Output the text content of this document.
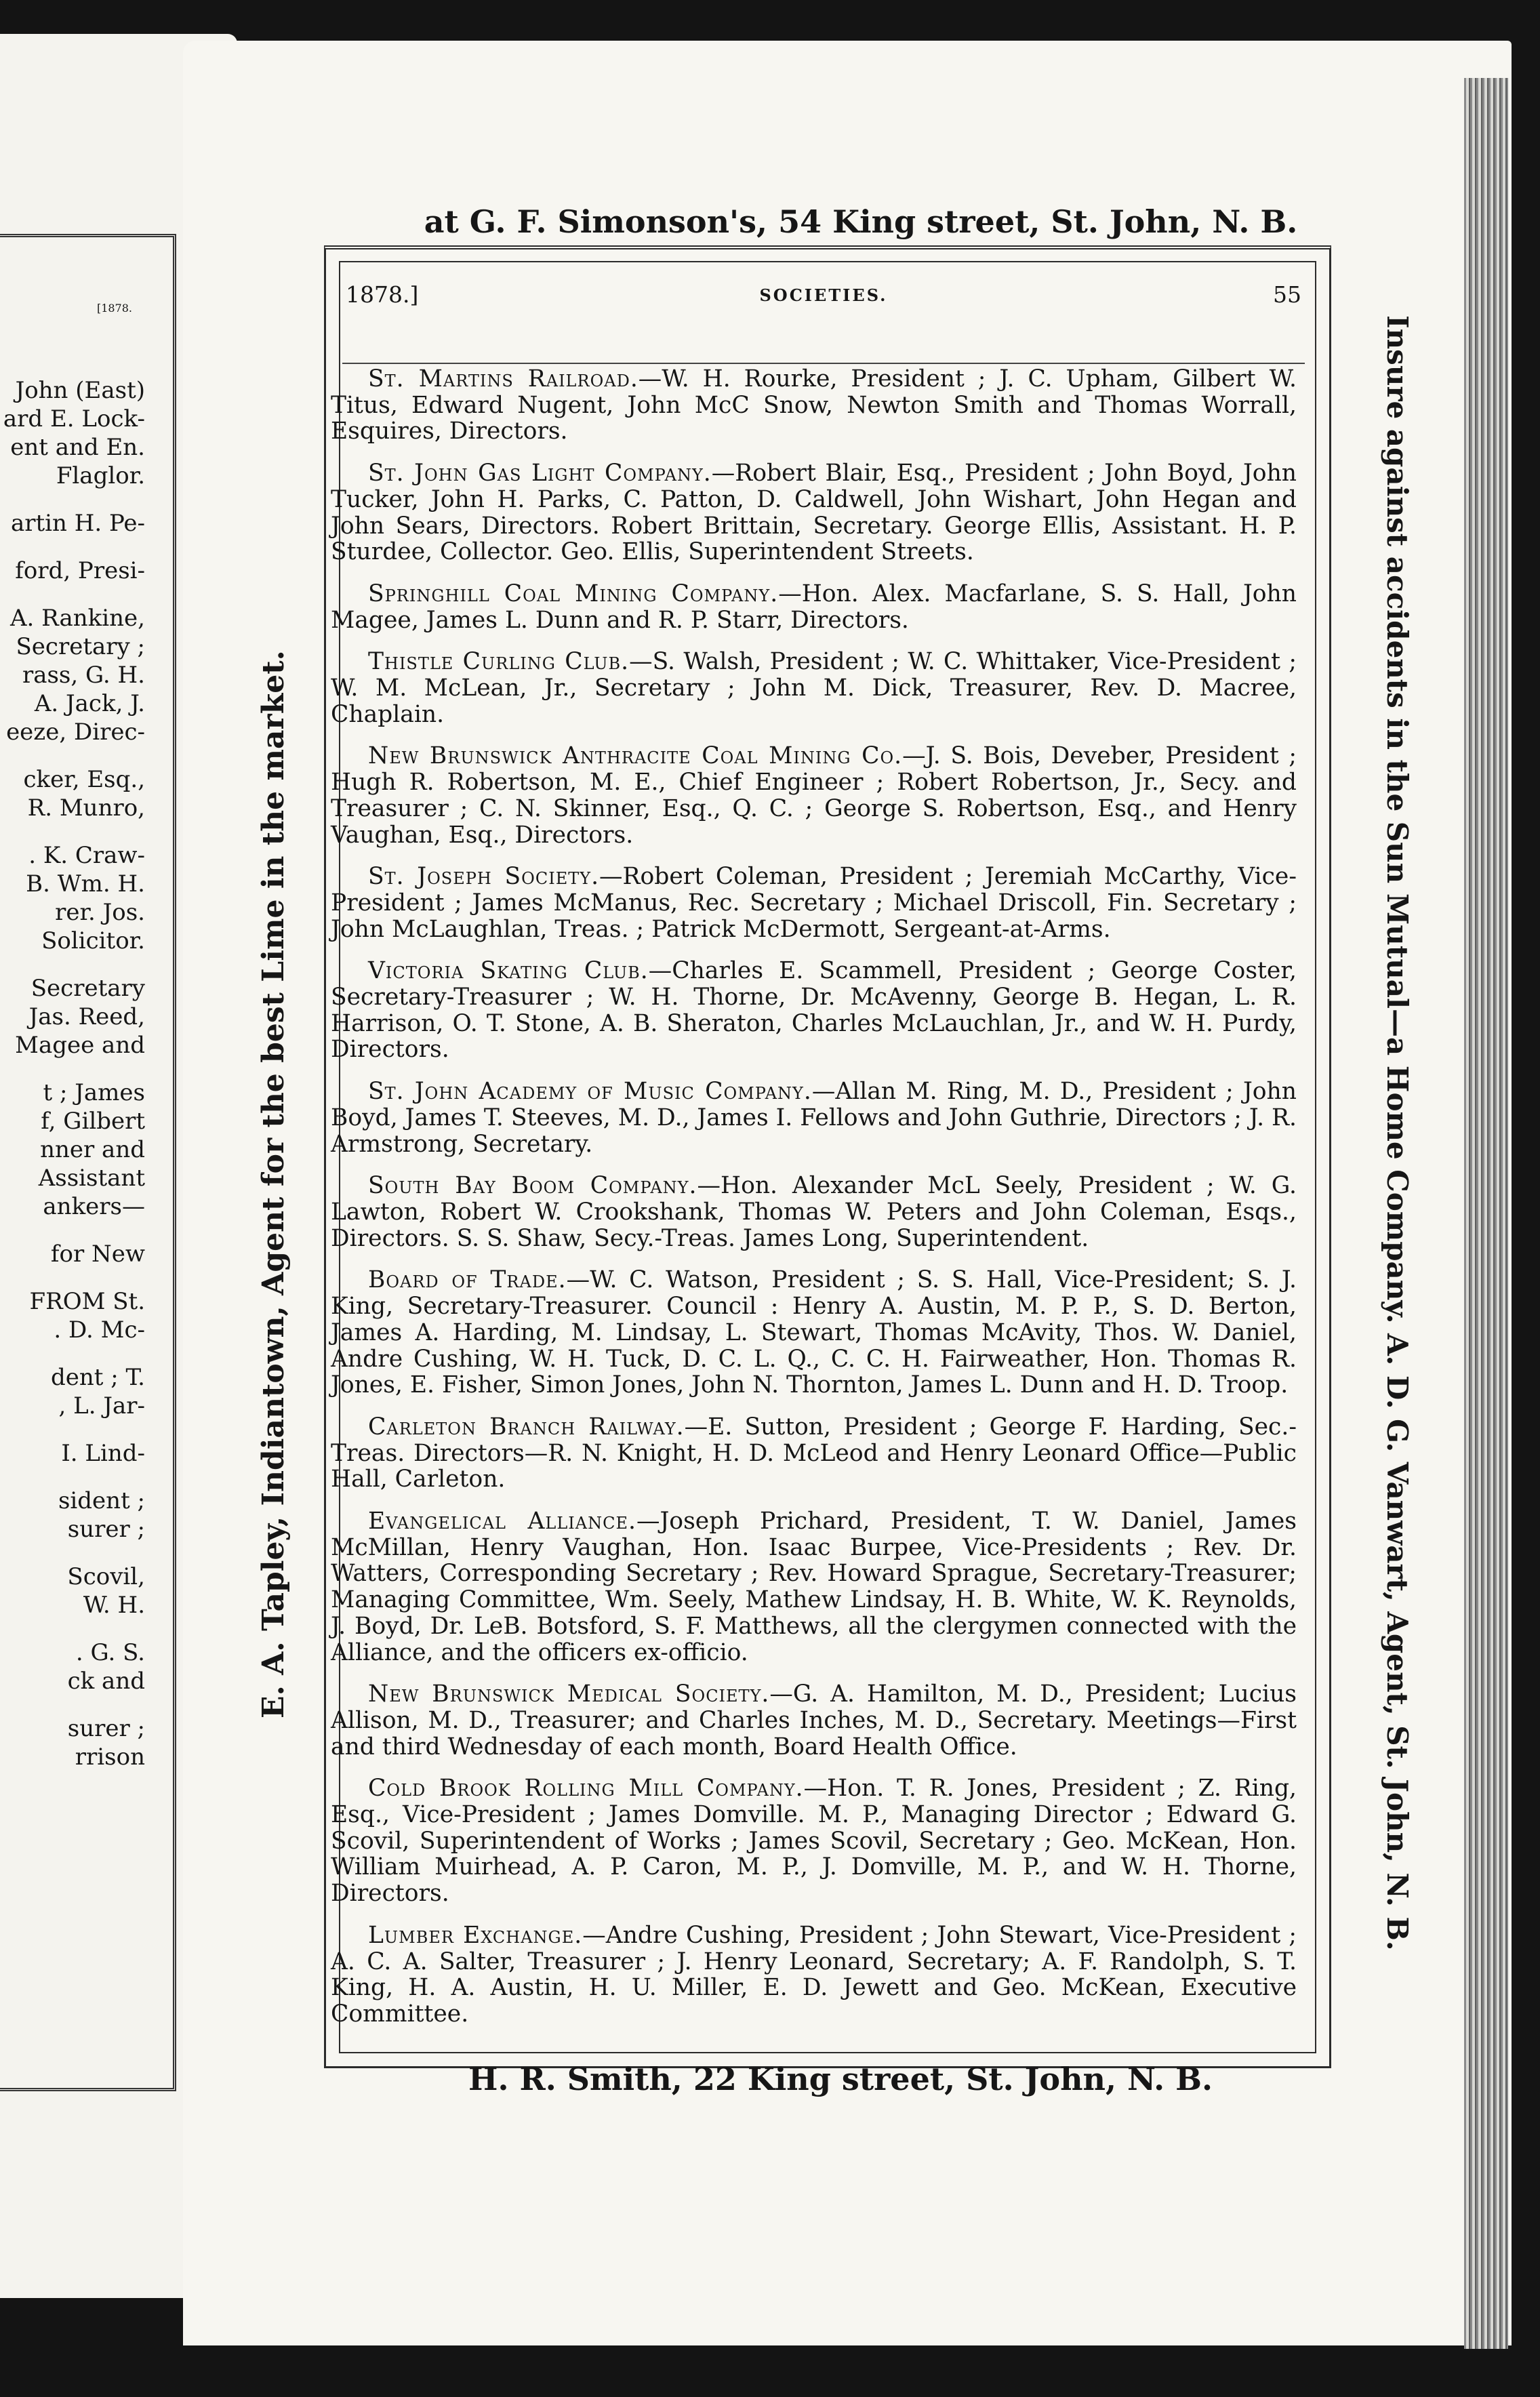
[1878.
John (East)
ard E. Lock-
ent and En.
Flaglor.
artin H. Pe-
ford, Presi-
A. Rankine,
Secretary ;
rass, G. H.
A. Jack, J.
eeze, Direc-
cker, Esq.,
R. Munro,
. K. Craw-
B. Wm. H.
rer. Jos.
Solicitor.
Secretary
Jas. Reed,
Magee and
t ; James
f, Gilbert
nner and
Assistant
ankers—
for New
FROM St.
. D. Mc-
dent ; T.
, L. Jar-
I. Lind-
sident ;
surer ;
Scovil,
W. H.
. G. S.
ck and
surer ;
rrison
at G. F. Simonson's, 54 King street, St. John, N. B.
E. A. Tapley, Indiantown, Agent for the best Lime in the market.	Insure against accidents in the Sun Mutual—a Home Company. A. D. G. Vanwart, Agent, St. John, N. B.
1878.]	SOCIETIES.	55
St. Martins Railroad.—W. H. Rourke, President ; J. C. Upham, Gilbert W. Titus, Edward Nugent, John McC Snow, Newton Smith and Thomas Worrall, Esquires, Directors.
St. John Gas Light Company.—Robert Blair, Esq., President ; John Boyd, John Tucker, John H. Parks, C. Patton, D. Caldwell, John Wishart, John Hegan and John Sears, Directors. Robert Brittain, Secretary. George Ellis, Assistant. H. P. Sturdee, Collector. Geo. Ellis, Superintendent Streets.
Springhill Coal Mining Company.—Hon. Alex. Macfarlane, S. S. Hall, John Magee, James L. Dunn and R. P. Starr, Directors.
Thistle Curling Club.—S. Walsh, President ; W. C. Whittaker, Vice-President ; W. M. McLean, Jr., Secretary ; John M. Dick, Treasurer, Rev. D. Macree, Chaplain.
New Brunswick Anthracite Coal Mining Co.—J. S. Bois, Deveber, President ; Hugh R. Robertson, M. E., Chief Engineer ; Robert Robertson, Jr., Secy. and Treasurer ; C. N. Skinner, Esq., Q. C. ; George S. Robertson, Esq., and Henry Vaughan, Esq., Directors.
St. Joseph Society.—Robert Coleman, President ; Jeremiah McCarthy, Vice-President ; James McManus, Rec. Secretary ; Michael Driscoll, Fin. Secretary ; John McLaughlan, Treas. ; Patrick McDermott, Sergeant-at-Arms.
Victoria Skating Club.—Charles E. Scammell, President ; George Coster, Secretary-Treasurer ; W. H. Thorne, Dr. McAvenny, George B. Hegan, L. R. Harrison, O. T. Stone, A. B. Sheraton, Charles McLauchlan, Jr., and W. H. Purdy, Directors.
St. John Academy of Music Company.—Allan M. Ring, M. D., President ; John Boyd, James T. Steeves, M. D., James I. Fellows and John Guthrie, Directors ; J. R. Armstrong, Secretary.
South Bay Boom Company.—Hon. Alexander McL Seely, President ; W. G. Lawton, Robert W. Crookshank, Thomas W. Peters and John Coleman, Esqs., Directors. S. S. Shaw, Secy.-Treas. James Long, Superintendent.
Board of Trade.—W. C. Watson, President ; S. S. Hall, Vice-President; S. J. King, Secretary-Treasurer. Council : Henry A. Austin, M. P. P., S. D. Berton, James A. Harding, M. Lindsay, L. Stewart, Thomas McAvity, Thos. W. Daniel, Andre Cushing, W. H. Tuck, D. C. L. Q., C. C. H. Fairweather, Hon. Thomas R. Jones, E. Fisher, Simon Jones, John N. Thornton, James L. Dunn and H. D. Troop.
Carleton Branch Railway.—E. Sutton, President ; George F. Harding, Sec.-Treas. Directors—R. N. Knight, H. D. McLeod and Henry Leonard Office—Public Hall, Carleton.
Evangelical Alliance.—Joseph Prichard, President, T. W. Daniel, James McMillan, Henry Vaughan, Hon. Isaac Burpee, Vice-Presidents ; Rev. Dr. Watters, Corresponding Secretary ; Rev. Howard Sprague, Secretary-Treasurer; Managing Committee, Wm. Seely, Mathew Lindsay, H. B. White, W. K. Reynolds, J. Boyd, Dr. LeB. Botsford, S. F. Matthews, all the clergymen connected with the Alliance, and the officers ex-officio.
New Brunswick Medical Society.—G. A. Hamilton, M. D., President; Lucius Allison, M. D., Treasurer; and Charles Inches, M. D., Secretary. Meetings—First and third Wednesday of each month, Board Health Office.
Cold Brook Rolling Mill Company.—Hon. T. R. Jones, President ; Z. Ring, Esq., Vice-President ; James Domville. M. P., Managing Director ; Edward G. Scovil, Superintendent of Works ; James Scovil, Secretary ; Geo. McKean, Hon. William Muirhead, A. P. Caron, M. P., J. Domville, M. P., and W. H. Thorne, Directors.
Lumber Exchange.—Andre Cushing, President ; John Stewart, Vice-President ; A. C. A. Salter, Treasurer ; J. Henry Leonard, Secretary; A. F. Randolph, S. T. King, H. A. Austin, H. U. Miller, E. D. Jewett and Geo. McKean, Executive Committee.
H. R. Smith, 22 King street, St. John, N. B.
